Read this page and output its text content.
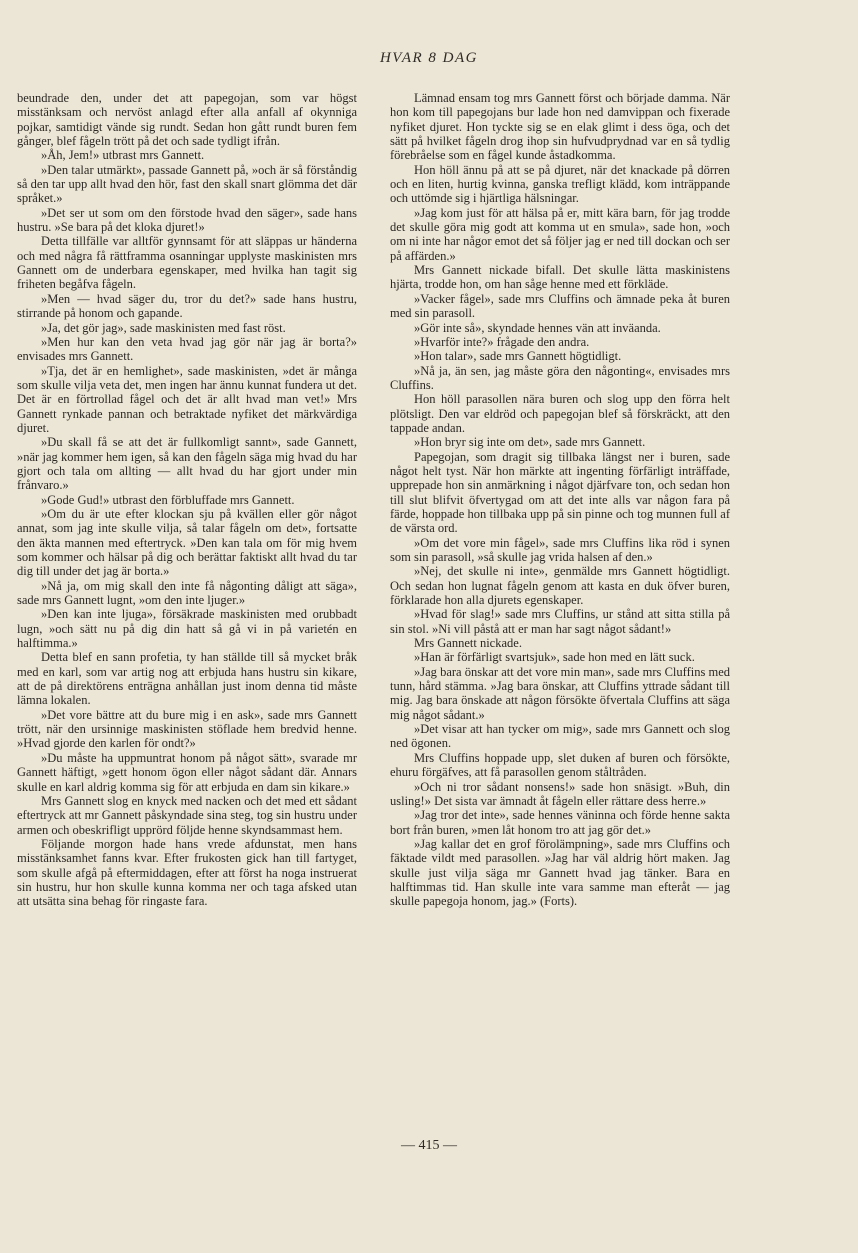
HVAR 8 DAG

beundrade den, under det att papegojan, som var högst misstänksam och nervöst anlagd efter alla anfall af okynniga pojkar, samtidigt vände sig rundt. Sedan hon gått rundt buren fem gånger, blef fågeln trött på det och sade tydligt ifrån.

»Åh, Jem!» utbrast mrs Gannett.

»Den talar utmärkt», passade Gannett på, »och är så förståndig så den tar upp allt hvad den hör, fast den skall snart glömma det där språket.»

»Det ser ut som om den förstode hvad den säger», sade hans hustru. »Se bara på det kloka djuret!»

Detta tillfälle var alltför gynnsamt för att släppas ur händerna och med några få rättframma osanningar upplyste maskinisten mrs Gannett om de underbara egenskaper, med hvilka han tagit sig friheten begåfva fågeln.

»Men — hvad säger du, tror du det?» sade hans hustru, stirrande på honom och gapande.

»Ja, det gör jag», sade maskinisten med fast röst.

»Men hur kan den veta hvad jag gör när jag är borta?» envisades mrs Gannett.

»Tja, det är en hemlighet», sade maskinisten, »det är många som skulle vilja veta det, men ingen har ännu kunnat fundera ut det. Det är en förtrollad fågel och det är allt hvad man vet!» Mrs Gannett rynkade pannan och betraktade nyfiket det märkvärdiga djuret.

»Du skall få se att det är fullkomligt sannt», sade Gannett, »när jag kommer hem igen, så kan den fågeln säga mig hvad du har gjort och tala om allting — allt hvad du har gjort under min frånvaro.»

»Gode Gud!» utbrast den förbluffade mrs Gannett.

»Om du är ute efter klockan sju på kvällen eller gör något annat, som jag inte skulle vilja, så talar fågeln om det», fortsatte den äkta mannen med eftertryck. »Den kan tala om för mig hvem som kommer och hälsar på dig och berättar faktiskt allt hvad du tar dig till under det jag är borta.»

»Nå ja, om mig skall den inte få någonting dåligt att säga», sade mrs Gannett lugnt, »om den inte ljuger.»

»Den kan inte ljuga», försäkrade maskinisten med orubbadt lugn, »och sätt nu på dig din hatt så gå vi in på varietén en halftimma.»

Detta blef en sann profetia, ty han ställde till så mycket bråk med en karl, som var artig nog att erbjuda hans hustru sin kikare, att de på direktörens enträgna anhållan just inom denna tid måste lämna lokalen.

»Det vore bättre att du bure mig i en ask», sade mrs Gannett trött, när den ursinnige maskinisten stöflade hem bredvid henne. »Hvad gjorde den karlen för ondt?»

»Du måste ha uppmuntrat honom på något sätt», svarade mr Gannett häftigt, »gett honom ögon eller något sådant där. Annars skulle en karl aldrig komma sig för att erbjuda en dam sin kikare.»

Mrs Gannett slog en knyck med nacken och det med ett sådant eftertryck att mr Gannett påskyndade sina steg, tog sin hustru under armen och obeskrifligt upprörd följde henne skyndsammast hem.

Följande morgon hade hans vrede afdunstat, men hans misstänksamhet fanns kvar. Efter frukosten gick han till fartyget, som skulle afgå på eftermiddagen, efter att först ha noga instruerat sin hustru, hur hon skulle kunna komma ner och taga afsked utan att utsätta sina behag för ringaste fara.

Lämnad ensam tog mrs Gannett först och började damma. När hon kom till papegojans bur lade hon ned damvippan och fixerade nyfiket djuret. Hon tyckte sig se en elak glimt i dess öga, och det sätt på hvilket fågeln drog ihop sin hufvudprydnad var en så tydlig förebråelse som en fågel kunde åstadkomma.

Hon höll ännu på att se på djuret, när det knackade på dörren och en liten, hurtig kvinna, ganska trefligt klädd, kom inträppande och uttömde sig i hjärtliga hälsningar.

»Jag kom just för att hälsa på er, mitt kära barn, för jag trodde det skulle göra mig godt att komma ut en smula», sade hon, »och om ni inte har någor emot det så följer jag er ned till dockan och ser på affärden.»

Mrs Gannett nickade bifall. Det skulle lätta maskinistens hjärta, trodde hon, om han såge henne med ett förkläde.

»Vacker fågel», sade mrs Cluffins och ämnade peka åt buren med sin parasoll.

»Gör inte så», skyndade hennes vän att inväanda.

»Hvarför inte?» frågade den andra.

»Hon talar», sade mrs Gannett högtidligt.

»Nå ja, än sen, jag måste göra den någonting«, envisades mrs Cluffins.

Hon höll parasollen nära buren och slog upp den förra helt plötsligt. Den var eldröd och papegojan blef så förskräckt, att den tappade andan.

»Hon bryr sig inte om det», sade mrs Gannett.

Papegojan, som dragit sig tillbaka längst ner i buren, sade något helt tyst. När hon märkte att ingenting förfärligt inträffade, upprepade hon sin anmärkning i något djärfvare ton, och sedan hon till slut blifvit öfvertygad om att det inte alls var någon fara på färde, hoppade hon tillbaka upp på sin pinne och tog munnen full af de värsta ord.

»Om det vore min fågel», sade mrs Cluffins lika röd i synen som sin parasoll, »så skulle jag vrida halsen af den.»

»Nej, det skulle ni inte», genmälde mrs Gannett högtidligt. Och sedan hon lugnat fågeln genom att kasta en duk öfver buren, förklarade hon alla djurets egenskaper.

»Hvad för slag!» sade mrs Cluffins, ur stånd att sitta stilla på sin stol. »Ni vill påstå att er man har sagt något sådant!»

Mrs Gannett nickade.

»Han är förfärligt svartsjuk», sade hon med en lätt suck.

»Jag bara önskar att det vore min man», sade mrs Cluffins med tunn, hård stämma. »Jag bara önskar, att Cluffins yttrade sådant till mig. Jag bara önskade att någon försökte öfvertala Cluffins att säga mig något sådant.»

»Det visar att han tycker om mig», sade mrs Gannett och slog ned ögonen.

Mrs Cluffins hoppade upp, slet duken af buren och försökte, ehuru förgäfves, att få parasollen genom ståltråden.

»Och ni tror sådant nonsens!» sade hon snäsigt. »Buh, din usling!» Det sista var ämnadt åt fågeln eller rättare dess herre.»

»Jag tror det inte», sade hennes väninna och förde henne sakta bort från buren, »men låt honom tro att jag gör det.»

»Jag kallar det en grof förolämpning», sade mrs Cluffins och fäktade vildt med parasollen. »Jag har väl aldrig hört maken. Jag skulle just vilja säga mr Gannett hvad jag tänker. Bara en halftimmas tid. Han skulle inte vara samme man efteråt — jag skulle papegoja honom, jag.» (Forts).

— 415 —
